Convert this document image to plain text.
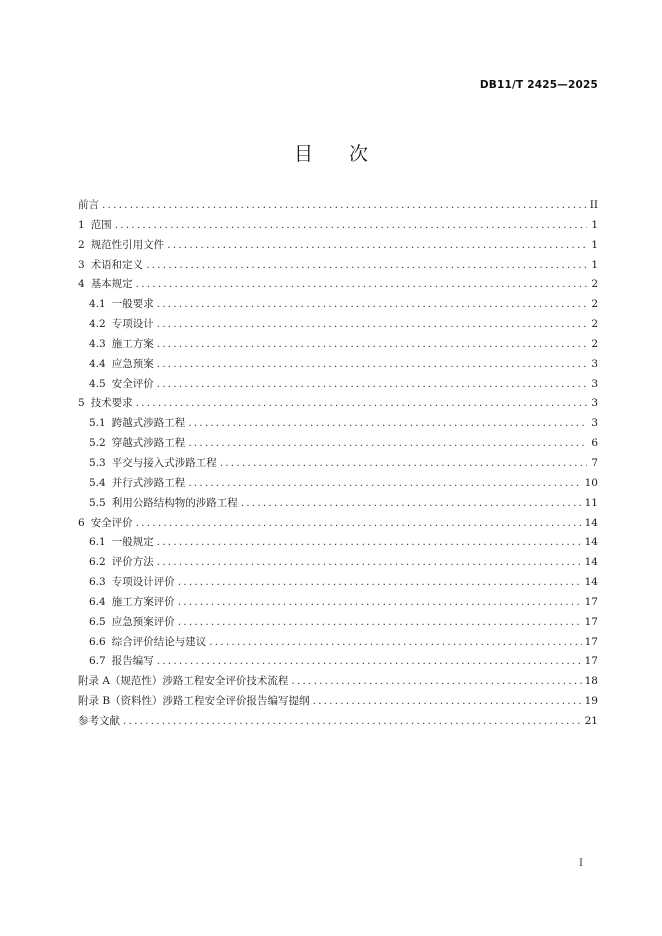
DB11/T 2425—2025
目 次
前言 .....	II
1 范围 .....	1
2 规范性引用文件 .....	1
3 术语和定义 .....	1
4 基本规定 .....	2
4.1 一般要求 .....	2
4.2 专项设计 .....	2
4.3 施工方案 .....	2
4.4 应急预案 .....	3
4.5 安全评价 .....	3
5 技术要求 .....	3
5.1 跨越式涉路工程 .....	3
5.2 穿越式涉路工程 .....	6
5.3 平交与接入式涉路工程 .....	7
5.4 并行式涉路工程 .....	10
5.5 利用公路结构物的涉路工程 .....	11
6 安全评价 .....	14
6.1 一般规定 .....	14
6.2 评价方法 .....	14
6.3 专项设计评价 .....	14
6.4 施工方案评价 .....	17
6.5 应急预案评价 .....	17
6.6 综合评价结论与建议 .....	17
6.7 报告编写 .....	17
附录 A（规范性）涉路工程安全评价技术流程 .....	18
附录 B（资料性）涉路工程安全评价报告编写提纲 .....	19
参考文献 .....	21
I
